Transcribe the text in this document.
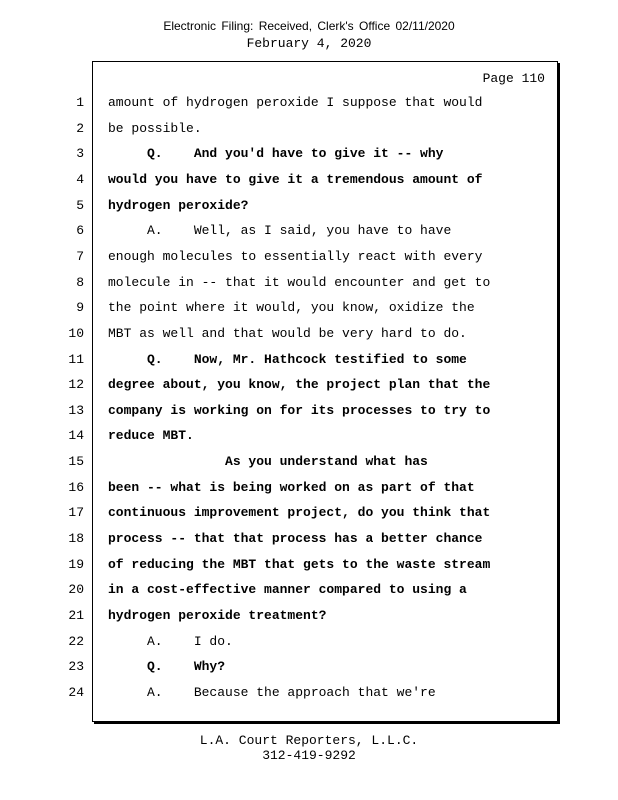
Electronic Filing: Received, Clerk's Office 02/11/2020
February 4, 2020
Page 110
1 amount of hydrogen peroxide I suppose that would
2 be possible.
3 Q.    And you'd have to give it -- why
4 would you have to give it a tremendous amount of
5 hydrogen peroxide?
6 A.    Well, as I said, you have to have
7 enough molecules to essentially react with every
8 molecule in -- that it would encounter and get to
9 the point where it would, you know, oxidize the
10 MBT as well and that would be very hard to do.
11 Q.    Now, Mr. Hathcock testified to some
12 degree about, you know, the project plan that the
13 company is working on for its processes to try to
14 reduce MBT.
15 As you understand what has
16 been -- what is being worked on as part of that
17 continuous improvement project, do you think that
18 process -- that that process has a better chance
19 of reducing the MBT that gets to the waste stream
20 in a cost-effective manner compared to using a
21 hydrogen peroxide treatment?
22 A.    I do.
23 Q.    Why?
24 A.    Because the approach that we're
L.A. Court Reporters, L.L.C.
312-419-9292
